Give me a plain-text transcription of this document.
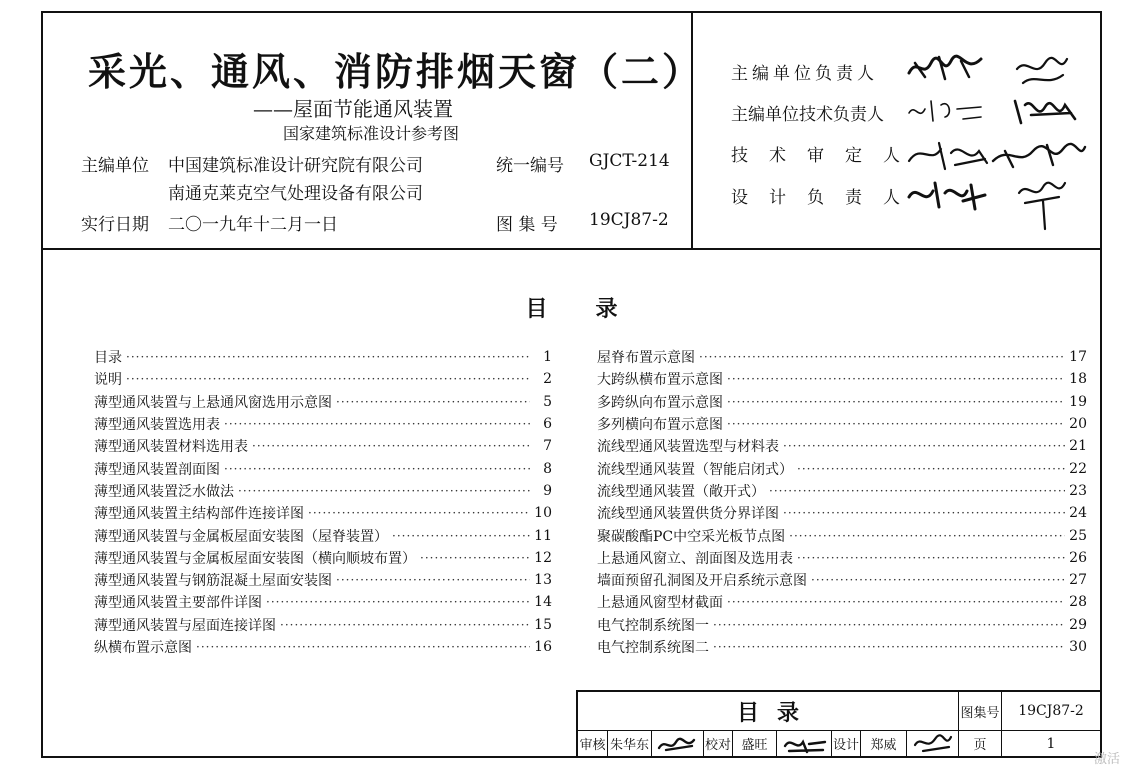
采光、通风、消防排烟天窗（二）
——屋面节能通风装置
国家建筑标准设计参考图
主编单位 中国建筑标准设计研究院有限公司
南通克莱克空气处理设备有限公司
统一编号 GJCT-214
实行日期 二〇一九年十二月一日	图 集 号 19CJ87-2
主编单位负责人
主编单位技术负责人
技术审定人
设计负责人
目录
目录 ·····	1
说明 ·····	2
薄型通风装置与上悬通风窗选用示意图 ·····	5
薄型通风装置选用表 ·····	6
薄型通风装置材料选用表 ·····	7
薄型通风装置剖面图 ·····	8
薄型通风装置泛水做法 ·····	9
薄型通风装置主结构部件连接详图 ·····	10
薄型通风装置与金属板屋面安装图（屋脊装置） ·····	11
薄型通风装置与金属板屋面安装图（横向顺坡布置） ·····	12
薄型通风装置与钢筋混凝土屋面安装图 ·····	13
薄型通风装置主要部件详图 ·····	14
薄型通风装置与屋面连接详图 ·····	15
纵横布置示意图 ·····	16
屋脊布置示意图 ·····	17
大跨纵横布置示意图 ·····	18
多跨纵向布置示意图 ·····	19
多列横向布置示意图 ·····	20
流线型通风装置选型与材料表 ·····	21
流线型通风装置（智能启闭式） ·····	22
流线型通风装置（敞开式） ·····	23
流线型通风装置供货分界详图 ·····	24
聚碳酸酯PC中空采光板节点图 ·····	25
上悬通风窗立、剖面图及选用表 ·····	26
墙面预留孔洞图及开启系统示意图 ·····	27
上悬通风窗型材截面 ·····	28
电气控制系统图一 ·····	29
电气控制系统图二 ·····	30
目录	图集号	19CJ87-2
审核 朱华东	校对 盛旺	设计 郑威	页	1
激活
